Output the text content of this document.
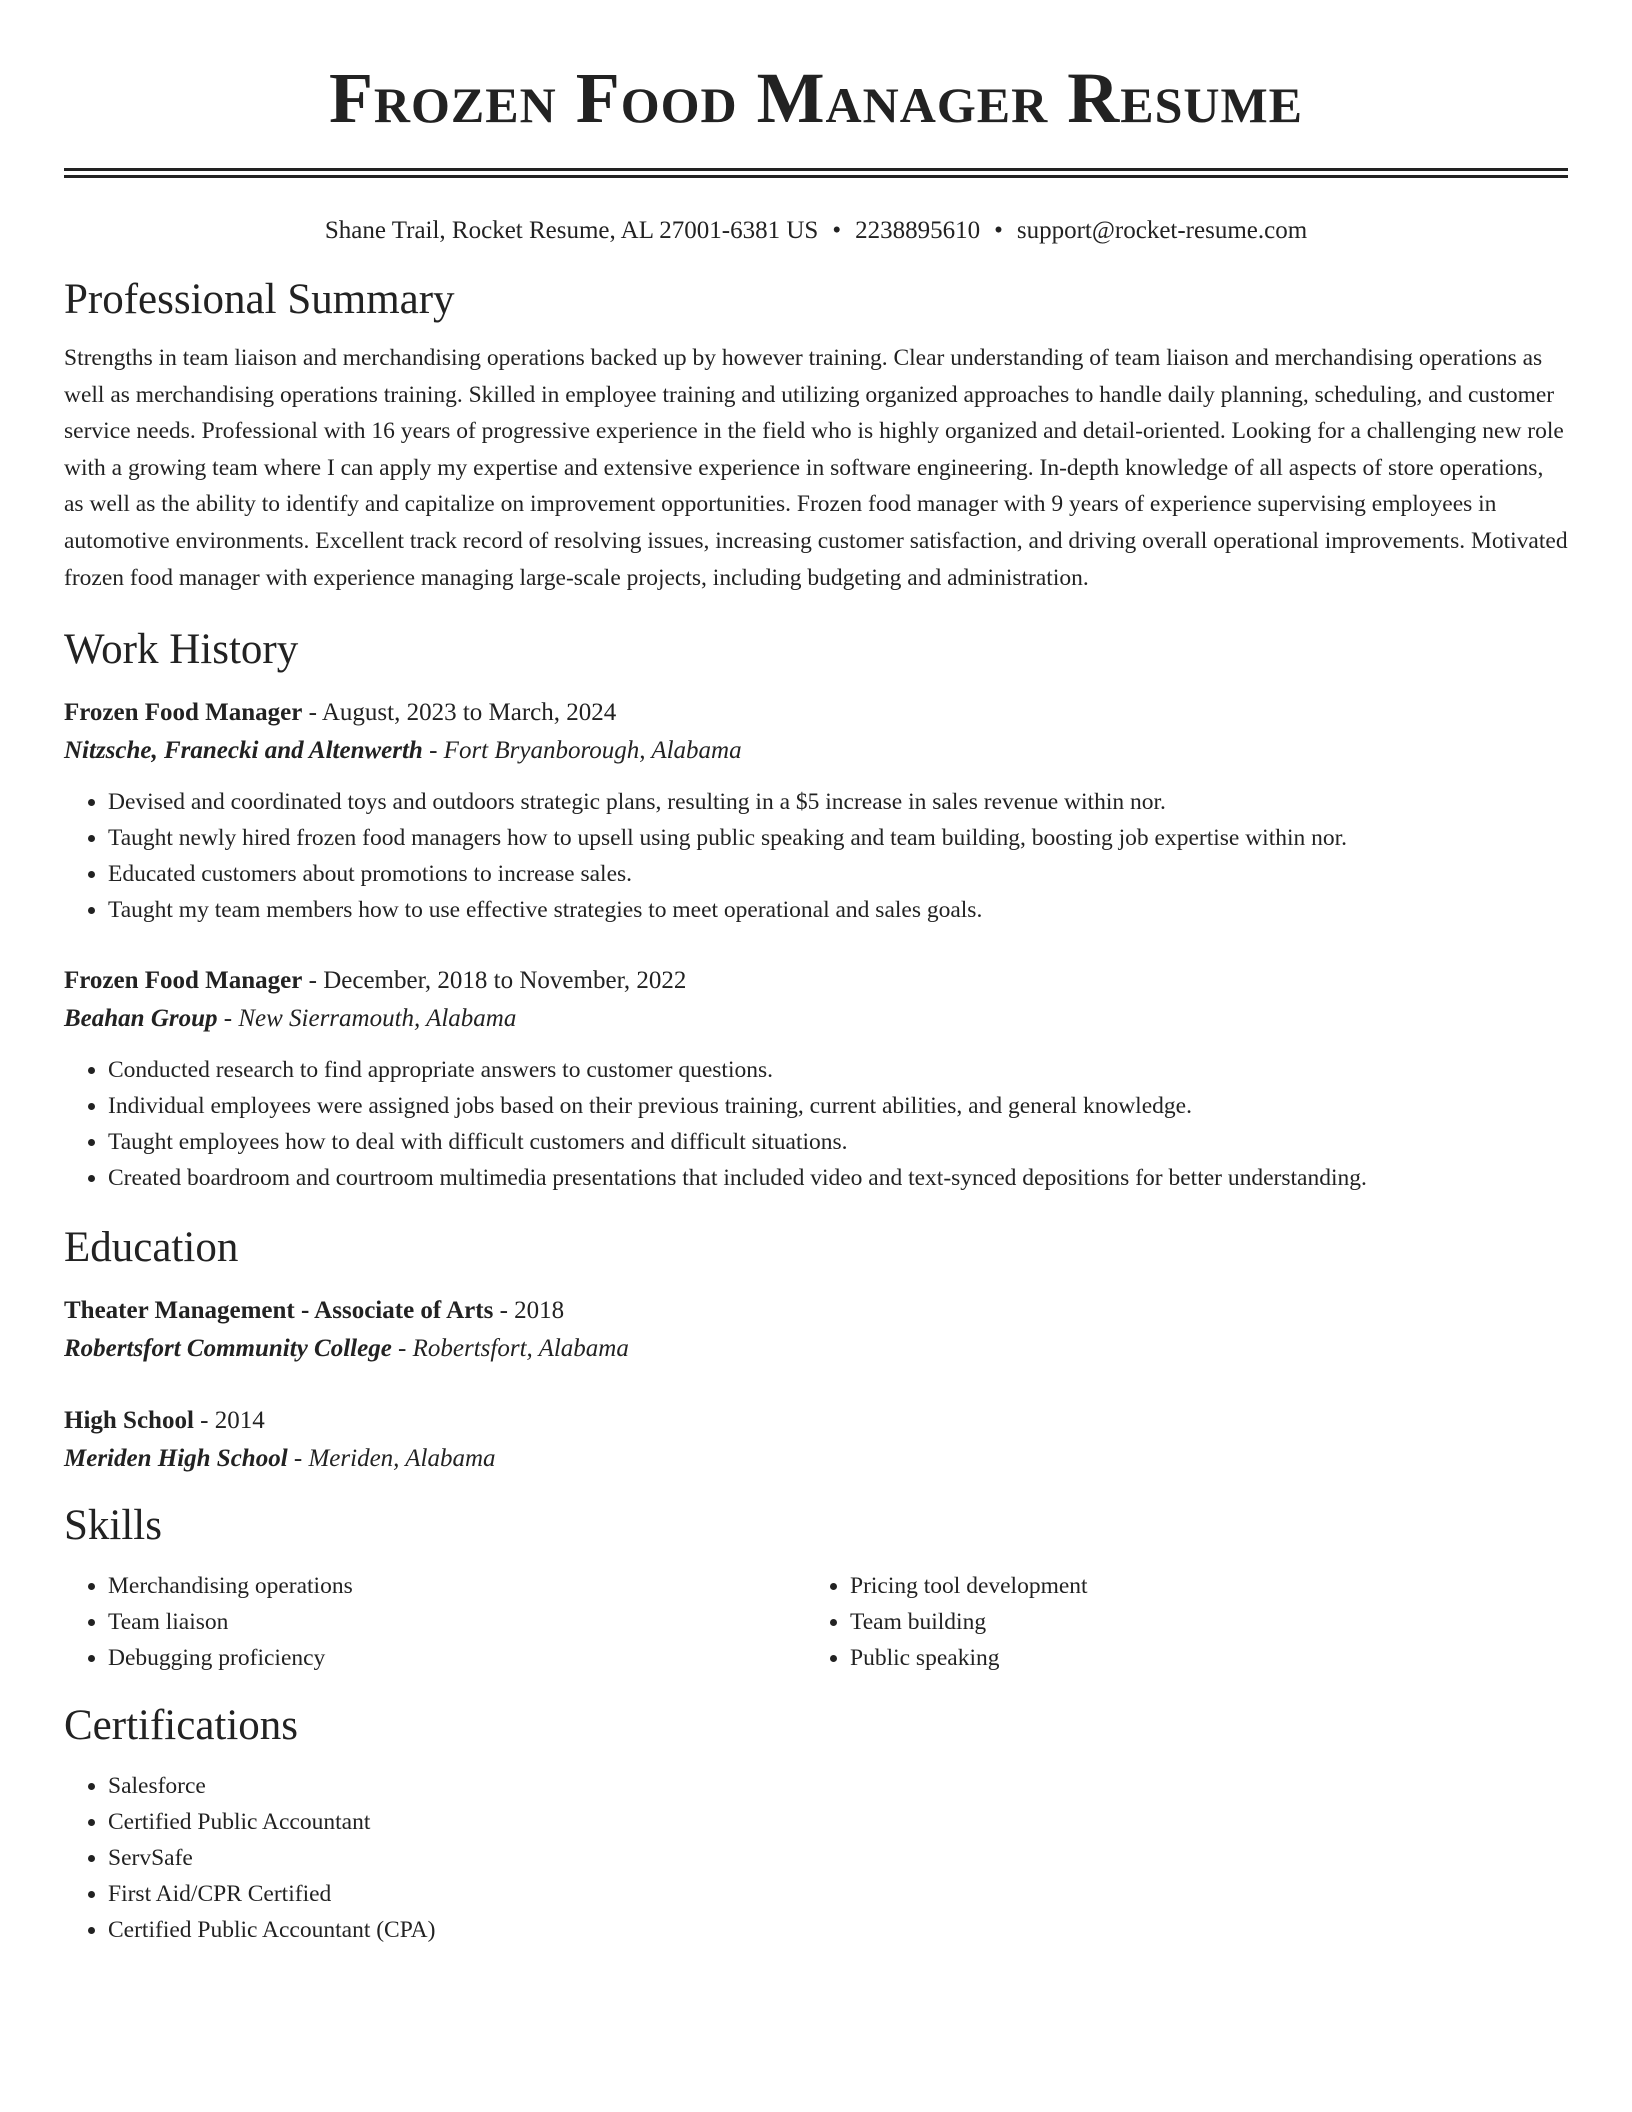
Frozen Food Manager Resume
Shane Trail, Rocket Resume, AL 27001-6381 US • 2238895610 • support@rocket-resume.com
Professional Summary

Strengths in team liaison and merchandising operations backed up by however training. Clear understanding of team liaison and merchandising operations as well as merchandising operations training. Skilled in employee training and utilizing organized approaches to handle daily planning, scheduling, and customer service needs. Professional with 16 years of progressive experience in the field who is highly organized and detail-oriented. Looking for a challenging new role with a growing team where I can apply my expertise and extensive experience in software engineering. In-depth knowledge of all aspects of store operations, as well as the ability to identify and capitalize on improvement opportunities. Frozen food manager with 9 years of experience supervising employees in automotive environments. Excellent track record of resolving issues, increasing customer satisfaction, and driving overall operational improvements. Motivated frozen food manager with experience managing large-scale projects, including budgeting and administration.

Work History
Frozen Food Manager - August, 2023 to March, 2024
Nitzsche, Franecki and Altenwerth - Fort Bryanborough, Alabama
• Devised and coordinated toys and outdoors strategic plans, resulting in a $5 increase in sales revenue within nor.
• Taught newly hired frozen food managers how to upsell using public speaking and team building, boosting job expertise within nor.
• Educated customers about promotions to increase sales.
• Taught my team members how to use effective strategies to meet operational and sales goals.
Frozen Food Manager - December, 2018 to November, 2022
Beahan Group - New Sierramouth, Alabama
• Conducted research to find appropriate answers to customer questions.
• Individual employees were assigned jobs based on their previous training, current abilities, and general knowledge.
• Taught employees how to deal with difficult customers and difficult situations.
• Created boardroom and courtroom multimedia presentations that included video and text-synced depositions for better understanding.
Education
Theater Management - Associate of Arts - 2018
Robertsfort Community College - Robertsfort, Alabama
High School - 2014
Meriden High School - Meriden, Alabama
Skills
• Merchandising operations
• Team liaison
• Debugging proficiency
• Pricing tool development
• Team building
• Public speaking
Certifications
• Salesforce
• Certified Public Accountant
• ServSafe
• First Aid/CPR Certified
• Certified Public Accountant (CPA)
